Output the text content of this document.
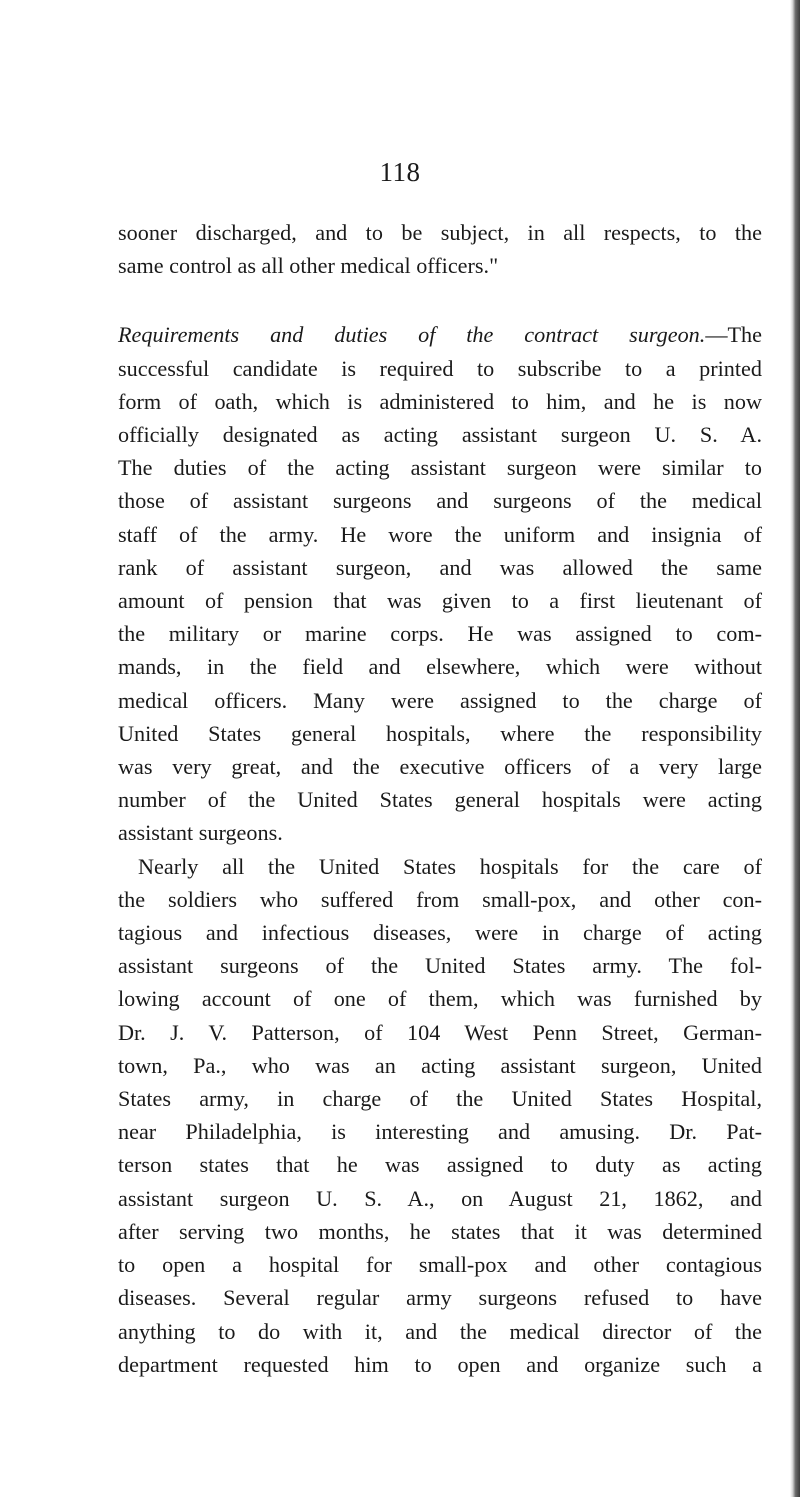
118

sooner discharged, and to be subject, in all respects, to the

same control as all other medical officers."

Requirements and duties of the contract surgeon.—The

successful candidate is required to subscribe to a printed

form of oath, which is administered to him, and he is now

officially designated as acting assistant surgeon U. S. A.

The duties of the acting assistant surgeon were similar to

those of assistant surgeons and surgeons of the medical

staff of the army. He wore the uniform and insignia of

rank of assistant surgeon, and was allowed the same

amount of pension that was given to a first lieutenant of

the military or marine corps. He was assigned to com-

mands, in the field and elsewhere, which were without

medical officers. Many were assigned to the charge of

United States general hospitals, where the responsibility

was very great, and the executive officers of a very large

number of the United States general hospitals were acting

assistant surgeons.

Nearly all the United States hospitals for the care of

the soldiers who suffered from small-pox, and other con-

tagious and infectious diseases, were in charge of acting

assistant surgeons of the United States army. The fol-

lowing account of one of them, which was furnished by

Dr. J. V. Patterson, of 104 West Penn Street, German-

town, Pa., who was an acting assistant surgeon, United

States army, in charge of the United States Hospital,

near Philadelphia, is interesting and amusing. Dr. Pat-

terson states that he was assigned to duty as acting

assistant surgeon U. S. A., on August 21, 1862, and

after serving two months, he states that it was determined

to open a hospital for small-pox and other contagious

diseases. Several regular army surgeons refused to have

anything to do with it, and the medical director of the

department requested him to open and organize such a
